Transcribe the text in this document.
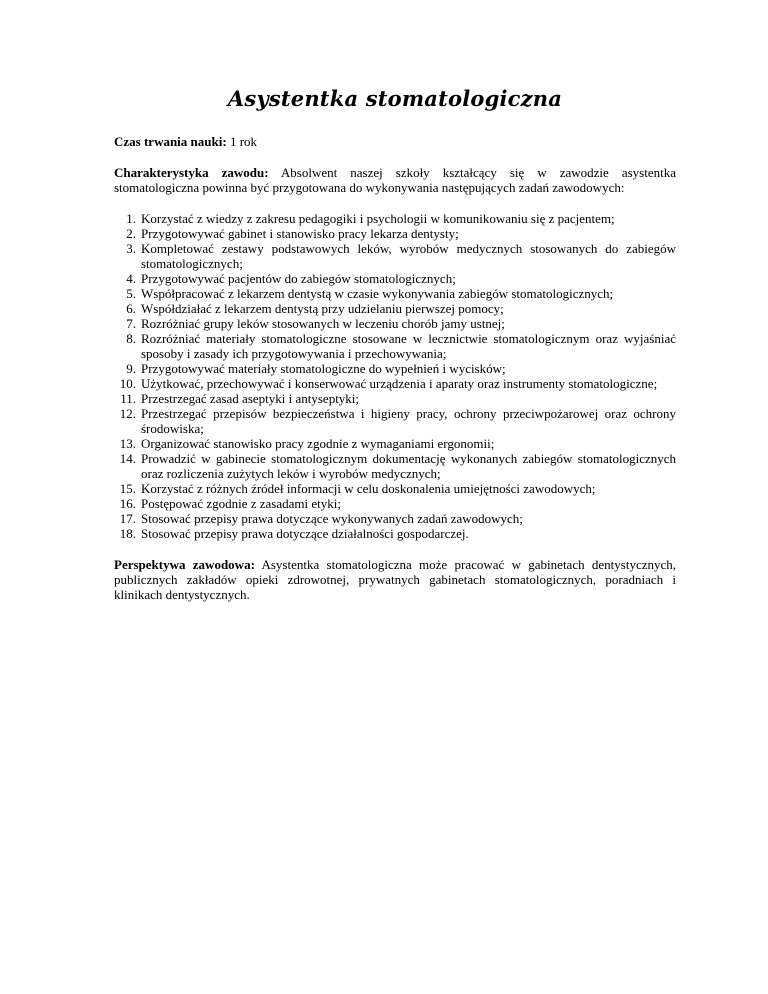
Asystentka stomatologiczna

Czas trwania nauki: 1 rok

Charakterystyka zawodu: Absolwent naszej szkoły kształcący się w zawodzie asystentka stomatologiczna powinna być przygotowana do wykonywania następujących zadań zawodowych:

1. Korzystać z wiedzy z zakresu pedagogiki i psychologii w komunikowaniu się z pacjentem;
2. Przygotowywać gabinet i stanowisko pracy lekarza dentysty;
3. Kompletować zestawy podstawowych leków, wyrobów medycznych stosowanych do zabiegów stomatologicznych;
4. Przygotowywać pacjentów do zabiegów stomatologicznych;
5. Współpracować z lekarzem dentystą w czasie wykonywania zabiegów stomatologicznych;
6. Współdziałać z lekarzem dentystą przy udzielaniu pierwszej pomocy;
7. Rozróżniać grupy leków stosowanych w leczeniu chorób jamy ustnej;
8. Rozróżniać materiały stomatologiczne stosowane w lecznictwie stomatologicznym oraz wyjaśniać sposoby i zasady ich przygotowywania i przechowywania;
9. Przygotowywać materiały stomatologiczne do wypełnień i wycisków;
10. Użytkować, przechowywać i konserwować urządzenia i aparaty oraz instrumenty stomatologiczne;
11. Przestrzegać zasad aseptyki i antyseptyki;
12. Przestrzegać przepisów bezpieczeństwa i higieny pracy, ochrony przeciwpożarowej oraz ochrony środowiska;
13. Organizować stanowisko pracy zgodnie z wymaganiami ergonomii;
14. Prowadzić w gabinecie stomatologicznym dokumentację wykonanych zabiegów stomatologicznych oraz rozliczenia zużytych leków i wyrobów medycznych;
15. Korzystać z różnych źródeł informacji w celu doskonalenia umiejętności zawodowych;
16. Postępować zgodnie z zasadami etyki;
17. Stosować przepisy prawa dotyczące wykonywanych zadań zawodowych;
18. Stosować przepisy prawa dotyczące działalności gospodarczej.

Perspektywa zawodowa: Asystentka stomatologiczna może pracować w gabinetach dentystycznych, publicznych zakładów opieki zdrowotnej, prywatnych gabinetach stomatologicznych, poradniach i klinikach dentystycznych.
